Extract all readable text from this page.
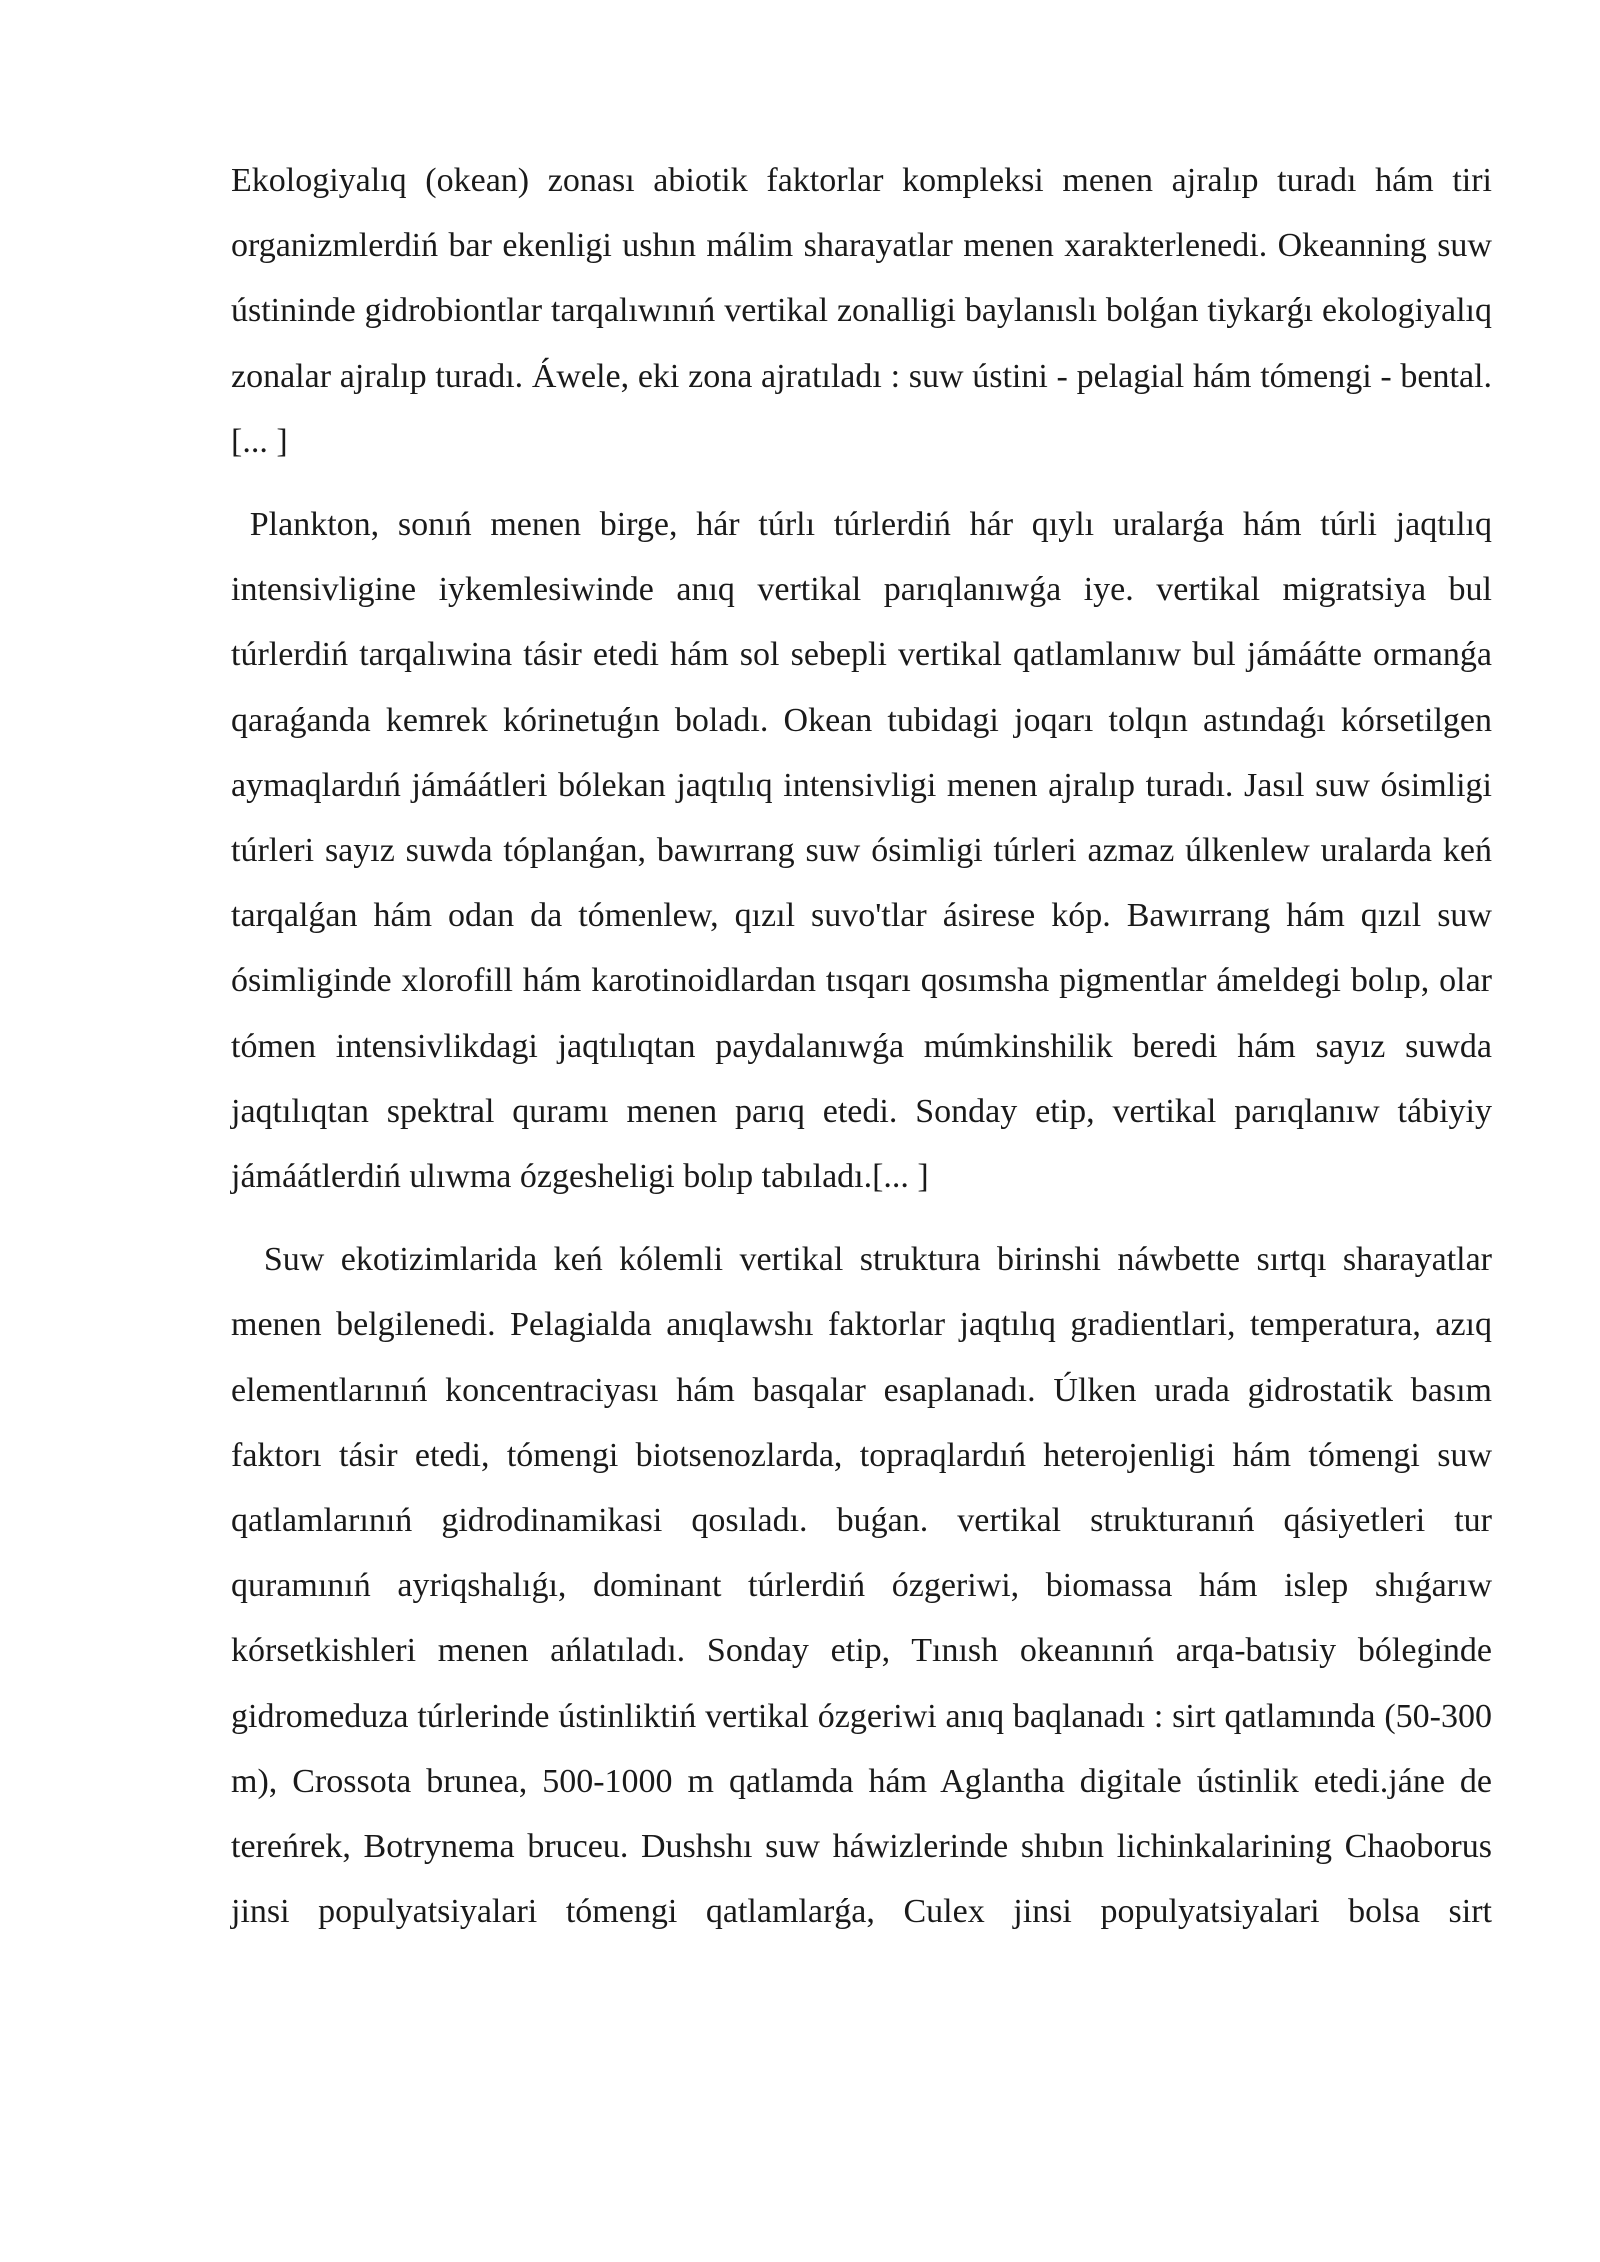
Ekologiyalıq (okean) zonası abiotik faktorlar kompleksi menen ajralıp turadı hám tiri organizmlerdiń bar ekenligi ushın málim sharayatlar menen xarakterlenedi. Okeanning suw ústininde gidrobiontlar tarqalıwınıń vertikal zonalligi baylanıslı bolǵan tiykarǵı ekologiyalıq zonalar ajralıp turadı. Áwele, eki zona ajratıladı : suw ústini - pelagial hám tómengi - bental.[... ]

Plankton, sonıń menen birge, hár túrlı túrlerdiń hár qıylı uralarǵa hám túrli jaqtılıq intensivligine iykemlesiwinde anıq vertikal parıqlanıwǵa iye. vertikal migratsiya bul túrlerdiń tarqalıwina tásir etedi hám sol sebepli vertikal qatlamlanıw bul jámáátte ormanǵa qaraǵanda kemrek kórinetuǵın boladı. Okean tubidagi joqarı tolqın astındaǵı kórsetilgen aymaqlardıń jámáátleri bólekan jaqtılıq intensivligi menen ajralıp turadı. Jasıl suw ósimligi túrleri sayız suwda tóplanǵan, bawırrang suw ósimligi túrleri azmaz úlkenlew uralarda keń tarqalǵan hám odan da tómenlew, qızıl suvo'tlar ásirese kóp. Bawırrang hám qızıl suw ósimliginde xlorofill hám karotinoidlardan tısqarı qosımsha pigmentlar ámeldegi bolıp, olar tómen intensivlikdagi jaqtılıqtan paydalanıwǵa múmkinshilik beredi hám sayız suwda jaqtılıqtan spektral quramı menen parıq etedi. Sonday etip, vertikal parıqlanıw tábiyiy jámáátlerdiń ulıwma ózgesheligi bolıp tabıladı.[... ]

Suw ekotizimlarida keń kólemli vertikal struktura birinshi náwbette sırtqı sharayatlar menen belgilenedi. Pelagialda anıqlawshı faktorlar jaqtılıq gradientlari, temperatura, azıq elementlarınıń koncentraciyası hám basqalar esaplanadı. Úlken urada gidrostatik basım faktorı tásir etedi, tómengi biotsenozlarda, topraqlardıń heterojenligi hám tómengi suw qatlamlarınıń gidrodinamikasi qosıladı. buǵan. vertikal strukturanıń qásiyetleri tur quramınıń ayriqshalıǵı, dominant túrlerdiń ózgeriwi, biomassa hám islep shıǵarıw kórsetkishleri menen ańlatıladı. Sonday etip, Tınısh okeanınıń arqa-batısiy bóleginde gidromeduza túrlerinde ústinliktiń vertikal ózgeriwi anıq baqlanadı : sirt qatlamında (50-300 m), Crossota brunea, 500-1000 m qatlamda hám Aglantha digitale ústinlik etedi.jáne de tereńrek, Botrynema bruceu. Dushshı suw háwizlerinde shıbın lichinkalarining Chaoborus jinsi populyatsiyalari tómengi qatlamlarǵa, Culex jinsi populyatsiyalari bolsa sirt
